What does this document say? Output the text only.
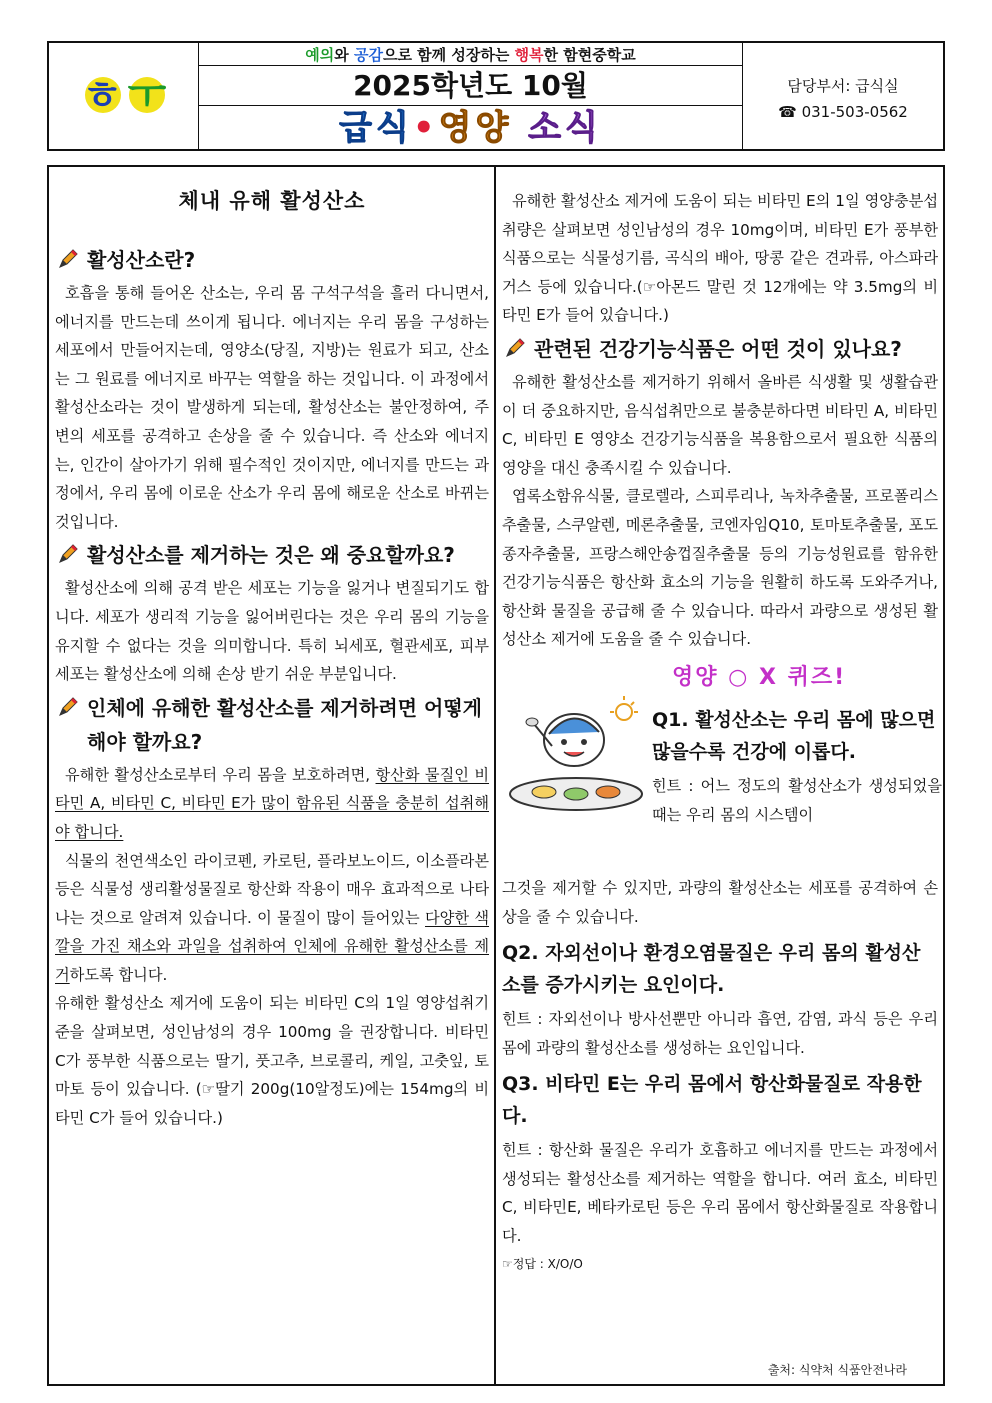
ㅎ ㅜ
예의와 공감으로 함께 성장하는 행복한 함현중학교
2025학년도 10월
급식•영양 소식
담당부서: 급식실
☎ 031-503-0562
체내 유해 활성산소
활성산소란?

호흡을 통해 들어온 산소는, 우리 몸 구석구석을 흘러 다니면서, 에너지를 만드는데 쓰이게 됩니다. 에너지는 우리 몸을 구성하는 세포에서 만들어지는데, 영양소(당질, 지방)는 원료가 되고, 산소는 그 원료를 에너지로 바꾸는 역할을 하는 것입니다. 이 과정에서 활성산소라는 것이 발생하게 되는데, 활성산소는 불안정하여, 주변의 세포를 공격하고 손상을 줄 수 있습니다. 즉 산소와 에너지는, 인간이 살아가기 위해 필수적인 것이지만, 에너지를 만드는 과정에서, 우리 몸에 이로운 산소가 우리 몸에 해로운 산소로 바뀌는 것입니다.

활성산소를 제거하는 것은 왜 중요할까요?

활성산소에 의해 공격 받은 세포는 기능을 잃거나 변질되기도 합니다. 세포가 생리적 기능을 잃어버린다는 것은 우리 몸의 기능을 유지할 수 없다는 것을 의미합니다. 특히 뇌세포, 혈관세포, 피부세포는 활성산소에 의해 손상 받기 쉬운 부분입니다.

인체에 유해한 활성산소를 제거하려면 어떻게 해야 할까요?

유해한 활성산소로부터 우리 몸을 보호하려면, 항산화 물질인 비타민 A, 비타민 C, 비타민 E가 많이 함유된 식품을 충분히 섭취해야 합니다.

식물의 천연색소인 라이코펜, 카로틴, 플라보노이드, 이소플라본 등은 식물성 생리활성물질로 항산화 작용이 매우 효과적으로 나타나는 것으로 알려져 있습니다. 이 물질이 많이 들어있는 다양한 색깔을 가진 채소와 과일을 섭취하여 인체에 유해한 활성산소를 제거하도록 합니다.

유해한 활성산소 제거에 도움이 되는 비타민 C의 1일 영양섭취기준을 살펴보면, 성인남성의 경우 100mg 을 권장합니다. 비타민 C가 풍부한 식품으로는 딸기, 풋고추, 브로콜리, 케일, 고춧잎, 토마토 등이 있습니다. (☞딸기 200g(10알정도)에는 154mg의 비타민 C가 들어 있습니다.)

유해한 활성산소 제거에 도움이 되는 비타민 E의 1일 영양충분섭취량은 살펴보면 성인남성의 경우 10mg이며, 비타민 E가 풍부한 식품으로는 식물성기름, 곡식의 배아, 땅콩 같은 견과류, 아스파라거스 등에 있습니다.(☞아몬드 말린 것 12개에는 약 3.5mg의 비타민 E가 들어 있습니다.)

관련된 건강기능식품은 어떤 것이 있나요?

유해한 활성산소를 제거하기 위해서 올바른 식생활 및 생활습관이 더 중요하지만, 음식섭취만으로 불충분하다면 비타민 A, 비타민 C, 비타민 E 영양소 건강기능식품을 복용함으로서 필요한 식품의 영양을 대신 충족시킬 수 있습니다.

엽록소함유식물, 클로렐라, 스피루리나, 녹차추출물, 프로폴리스추출물, 스쿠알렌, 메론추출물, 코엔자임Q10, 토마토추출물, 포도종자추출물, 프랑스해안송껍질추출물 등의 기능성원료를 함유한 건강기능식품은 항산화 효소의 기능을 원활히 하도록 도와주거나, 항산화 물질을 공급해 줄 수 있습니다. 따라서 과량으로 생성된 활성산소 제거에 도움을 줄 수 있습니다.

영양 ○ X 퀴즈!
Q1. 활성산소는 우리 몸에 많으면 많을수록 건강에 이롭다.
힌트 : 어느 정도의 활성산소가 생성되었을 때는 우리 몸의 시스템이

그것을 제거할 수 있지만, 과량의 활성산소는 세포를 공격하여 손상을 줄 수 있습니다.

Q2. 자외선이나 환경오염물질은 우리 몸의 활성산소를 증가시키는 요인이다.

힌트 : 자외선이나 방사선뿐만 아니라 흡연, 감염, 과식 등은 우리 몸에 과량의 활성산소를 생성하는 요인입니다.

Q3. 비타민 E는 우리 몸에서 항산화물질로 작용한다.

힌트 : 항산화 물질은 우리가 호흡하고 에너지를 만드는 과정에서 생성되는 활성산소를 제거하는 역할을 합니다. 여러 효소, 비타민C, 비타민E, 베타카로틴 등은 우리 몸에서 항산화물질로 작용합니다.

☞정답 : X/O/O
출처: 식약처 식품안전나라
